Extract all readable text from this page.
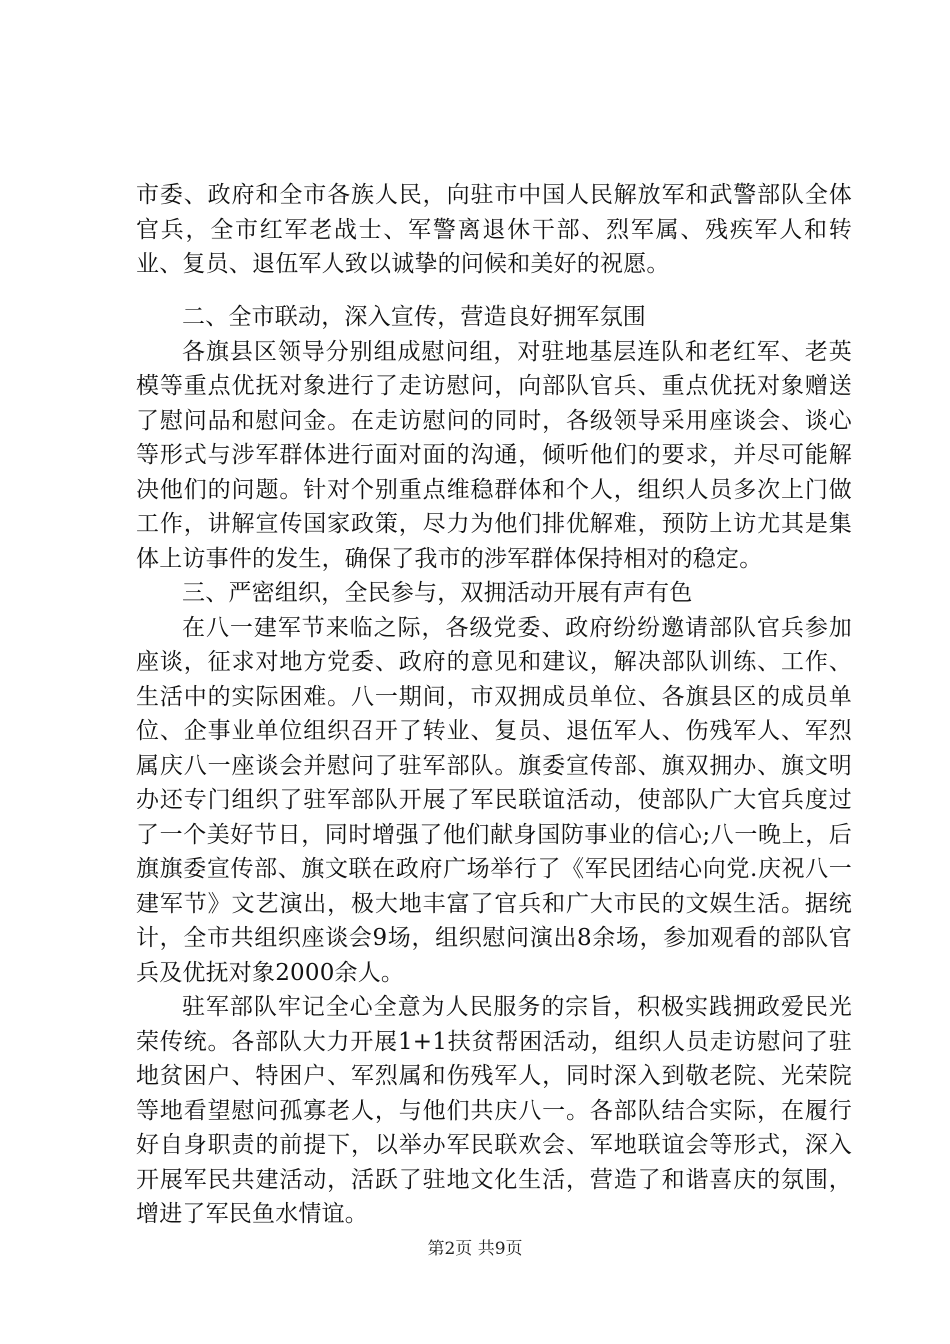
市委、政府和全市各族人民，向驻市中国人民解放军和武警部队全体官兵，全市红军老战士、军警离退休干部、烈军属、残疾军人和转业、复员、退伍军人致以诚挚的问候和美好的祝愿。

二、全市联动，深入宣传，营造良好拥军氛围

各旗县区领导分别组成慰问组，对驻地基层连队和老红军、老英模等重点优抚对象进行了走访慰问，向部队官兵、重点优抚对象赠送了慰问品和慰问金。在走访慰问的同时，各级领导采用座谈会、谈心等形式与涉军群体进行面对面的沟通，倾听他们的要求，并尽可能解决他们的问题。针对个别重点维稳群体和个人，组织人员多次上门做工作，讲解宣传国家政策，尽力为他们排优解难，预防上访尤其是集体上访事件的发生，确保了我市的涉军群体保持相对的稳定。

三、严密组织，全民参与，双拥活动开展有声有色

在八一建军节来临之际，各级党委、政府纷纷邀请部队官兵参加座谈，征求对地方党委、政府的意见和建议，解决部队训练、工作、生活中的实际困难。八一期间，市双拥成员单位、各旗县区的成员单位、企事业单位组织召开了转业、复员、退伍军人、伤残军人、军烈属庆八一座谈会并慰问了驻军部队。旗委宣传部、旗双拥办、旗文明办还专门组织了驻军部队开展了军民联谊活动，使部队广大官兵度过了一个美好节日，同时增强了他们献身国防事业的信心;八一晚上，后旗旗委宣传部、旗文联在政府广场举行了《军民团结心向党.庆祝八一建军节》文艺演出，极大地丰富了官兵和广大市民的文娱生活。据统计，全市共组织座谈会9场，组织慰问演出8余场，参加观看的部队官兵及优抚对象2000余人。

驻军部队牢记全心全意为人民服务的宗旨，积极实践拥政爱民光荣传统。各部队大力开展1+1扶贫帮困活动，组织人员走访慰问了驻地贫困户、特困户、军烈属和伤残军人，同时深入到敬老院、光荣院等地看望慰问孤寡老人，与他们共庆八一。各部队结合实际，在履行好自身职责的前提下，以举办军民联欢会、军地联谊会等形式，深入开展军民共建活动，活跃了驻地文化生活，营造了和谐喜庆的氛围，增进了军民鱼水情谊。

第2页 共9页
